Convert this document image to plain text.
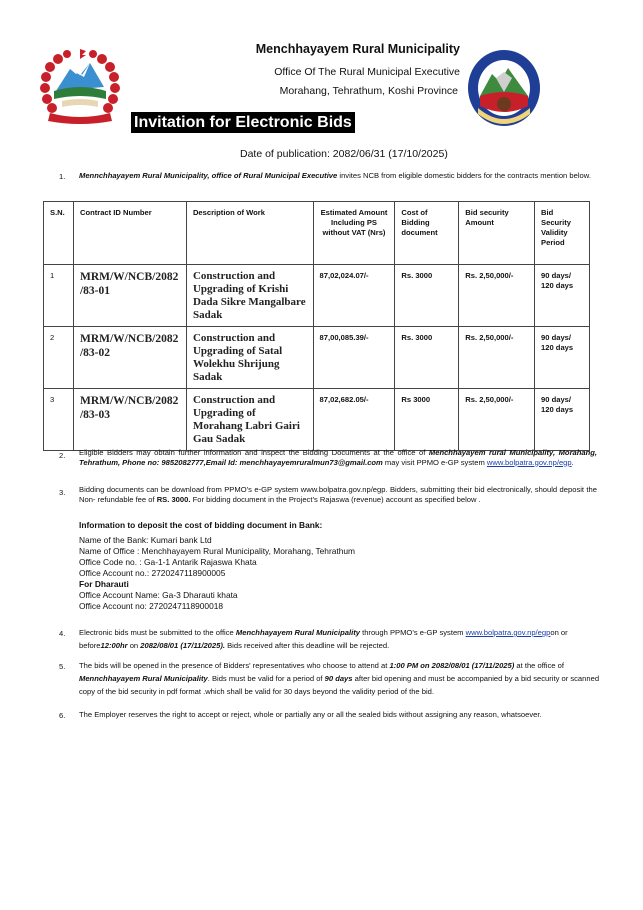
Menchhayayem Rural Municipality
Office Of The Rural Municipal Executive
Morahang, Tehrathum, Koshi Province
Invitation for Electronic Bids
Date of publication: 2082/06/31 (17/10/2025)
1. Mennchhayayem Rural Municipality, office of Rural Municipal Executive invites NCB from eligible domestic bidders for the contracts mention below.
S.N.	Contract ID Number	Description of Work	Estimated Amount Including PS without VAT (Nrs)	Cost of Bidding document	Bid security Amount	Bid Security Validity Period
1	MRM/W/NCB/2082 /83-01	Construction and Upgrading of Krishi Dada Sikre Mangalbare Sadak	87,02,024.07/-	Rs. 3000	Rs. 2,50,000/-	90 days/ 120 days
2	MRM/W/NCB/2082 /83-02	Construction and Upgrading of Satal Wolekhu Shrijung Sadak	87,00,085.39/-	Rs. 3000	Rs. 2,50,000/-	90 days/ 120 days
3	MRM/W/NCB/2082 /83-03	Construction and Upgrading of Morahang Labri Gairi Gau Sadak	87,02,682.05/-	Rs 3000	Rs. 2,50,000/-	90 days/ 120 days
2. Eligible Bidders may obtain further information and inspect the Bidding Documents at the office of Menchhayayem rural Municipality, Morahang, Tehrathum, Phone no: 9852082777,Email Id: menchhayayemruralmun73@gmail.com may visit PPMO e-GP system www.bolpatra.gov.np/egp.
3. Bidding documents can be download from PPMO’s e-GP system www.bolpatra.gov.np/egp. Bidders, submitting their bid electronically, should deposit the Non- refundable fee of RS. 3000. For bidding document in the Project’s Rajaswa (revenue) account as specified below .
Information to deposit the cost of bidding document in Bank:
Name of the Bank: Kumari bank Ltd
Name of Office : Menchhayayem Rural Municipality, Morahang, Tehrathum
Office Code no. : Ga-1-1 Antarik Rajaswa Khata
Office Account no.: 2720247118900005
For Dharauti
Office Account Name: Ga-3 Dharauti khata
Office Account no: 2720247118900018
4. Electronic bids must be submitted to the office Menchhayayem Rural Municipality through PPMO’s e-GP system www.bolpatra.gov.np/egpon or before12:00hr on 2082/08/01 (17/11/2025). Bids received after this deadline will be rejected.
5. The bids will be opened in the presence of Bidders' representatives who choose to attend at 1:00 PM on 2082/08/01 (17/11/2025) at the office of Mennchhayayem Rural Municipality. Bids must be valid for a period of 90 days after bid opening and must be accompanied by a bid security or scanned copy of the bid security in pdf format .which shall be valid for 30 days beyond the validity period of the bid.
6. The Employer reserves the right to accept or reject, whole or partially any or all the sealed bids without assigning any reason, whatsoever.
